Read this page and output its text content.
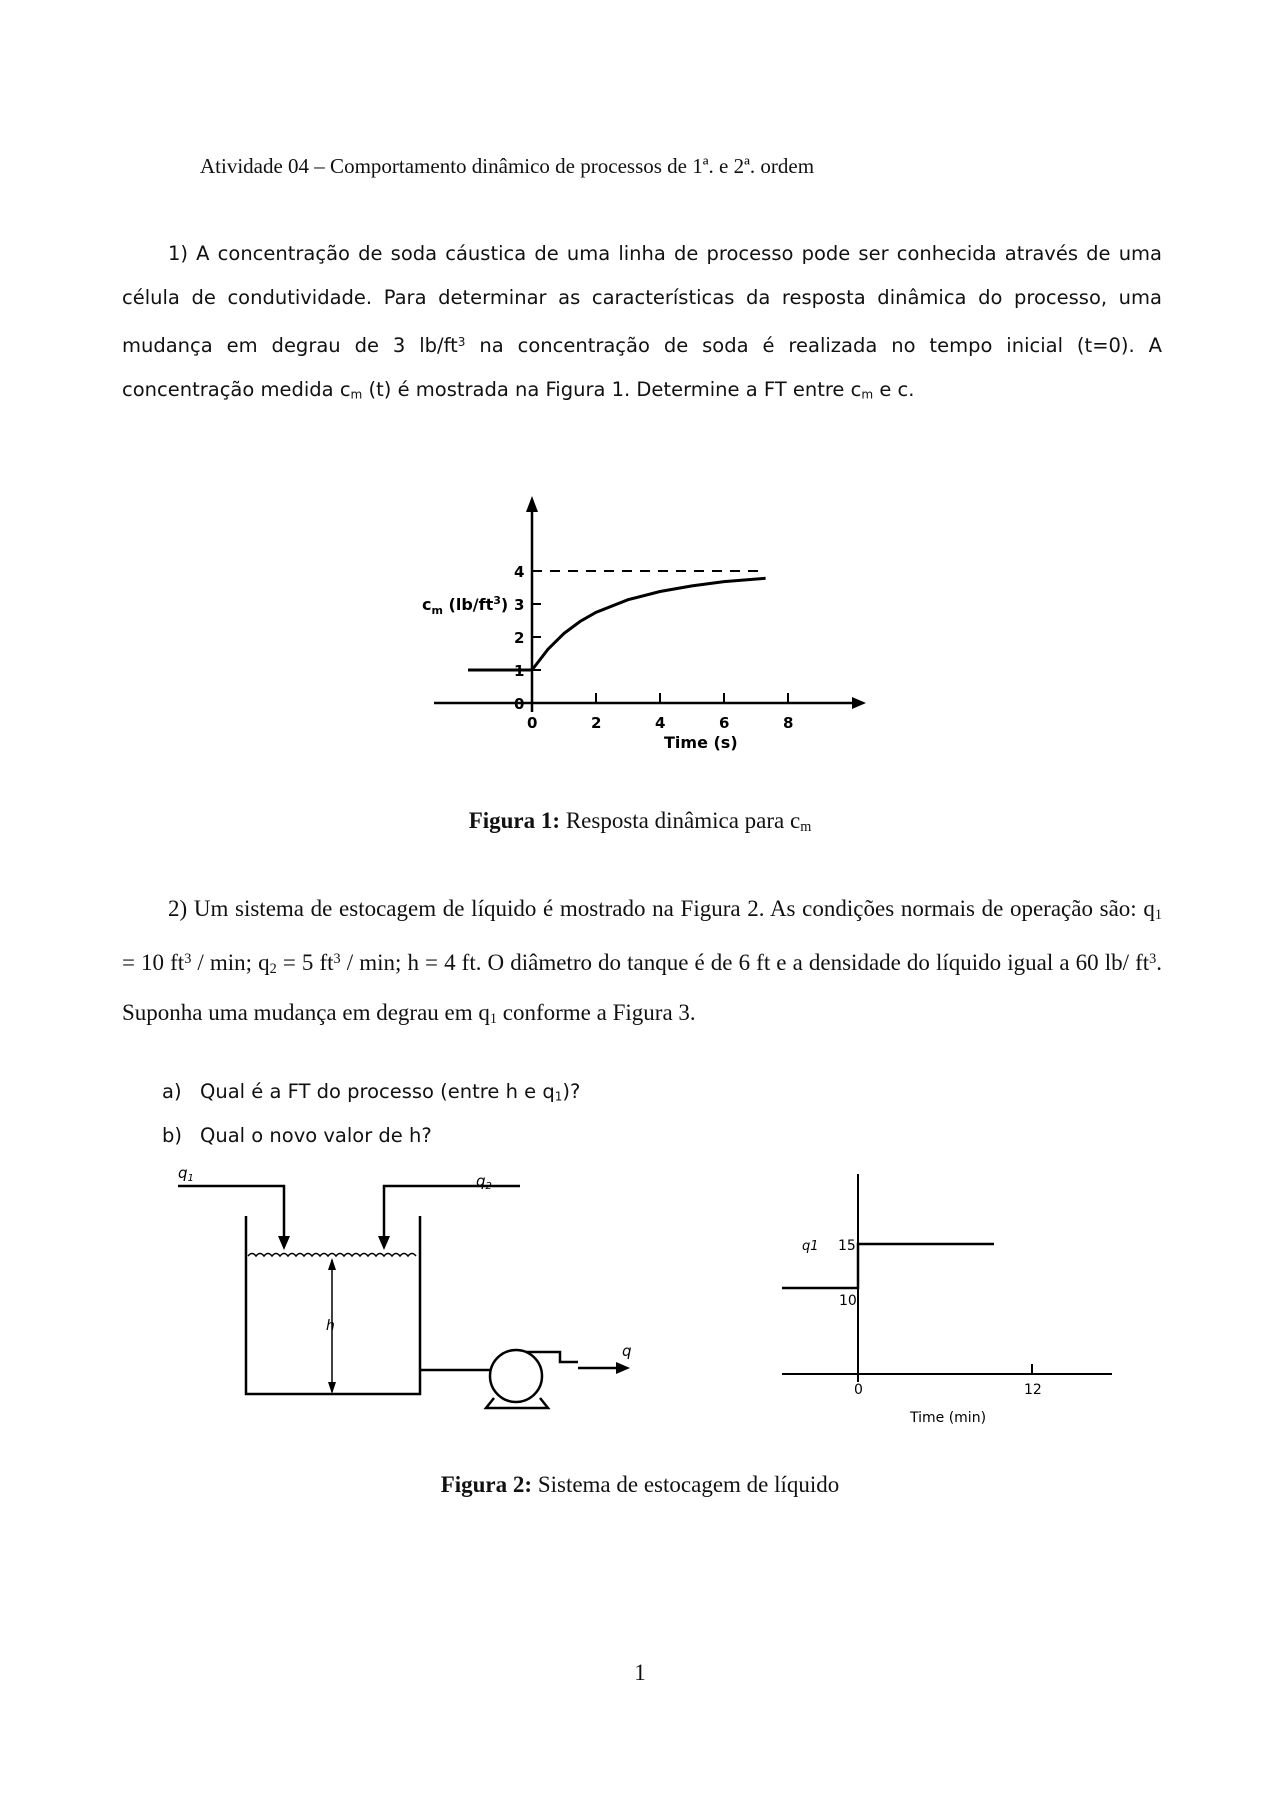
Atividade 04 – Comportamento dinâmico de processos de 1ª. e 2ª. ordem
1) A concentração de soda cáustica de uma linha de processo pode ser conhecida através de uma célula de condutividade. Para determinar as características da resposta dinâmica do processo, uma mudança em degrau de 3 $lb/ft^3$ na concentração de soda é realizada no tempo inicial (t=0). A concentração medida $c_m$ (t) é mostrada na Figura 1. Determine a FT entre $c_m$ e c.
0
1
2
3
4
0	2	4	6	8
$c_m$ $(lb/ft^3)$
Time (s)
Figura 1: Resposta dinâmica para cm
2) Um sistema de estocagem de líquido é mostrado na Figura 2. As condições normais de operação são: q1 = 10 $ft^3$ / min; q2 = 5 $ft^3$ / min; h = 4 ft. O diâmetro do tanque é de 6 ft e a densidade do líquido igual a 60 lb/ $ft^3$. Suponha uma mudança em degrau em q1 conforme a Figura 3.
a) Qual é a FT do processo (entre h e $q_1$)?
b) Qual o novo valor de h?
$q_1$	$q_2$
h
q
q1 15
10
0	12
Time (min)
Figura 2: Sistema de estocagem de líquido
1
